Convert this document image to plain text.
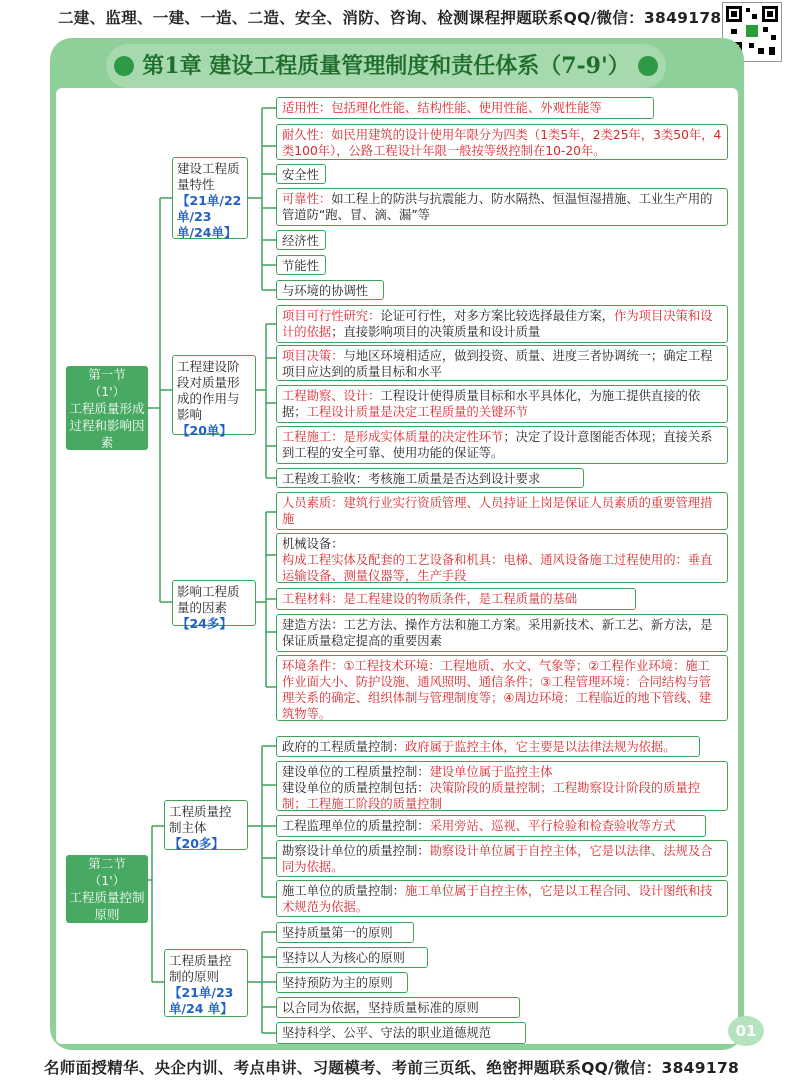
二建、监理、一建、一造、二造、安全、消防、咨询、检测课程押题联系QQ/微信：3849178
第1章 建设工程质量管理制度和责任体系（7-9'）
第一节
（1'）
工程质量形成过程和影响因素
第二节
（1'）
工程质量控制原则
建设工程质量特性
【21单/22单/23 单/24单】
工程建设阶段对质量形成的作用与影响
【20单】
影响工程质量的因素
【24多】
工程质量控制主体
【20多】
工程质量控制的原则
【21单/23单/24 单】
适用性：包括理化性能、结构性能、使用性能、外观性能等
耐久性：如民用建筑的设计使用年限分为四类（1类5年，2类25年，3类50年，4类100年），公路工程设计年限一般按等级控制在10-20年。
安全性
可靠性：如工程上的防洪与抗震能力、防水隔热、恒温恒湿措施、工业生产用的管道防“跑、冒、滴、漏”等
经济性
节能性
与环境的协调性
项目可行性研究：论证可行性，对多方案比较选择最佳方案，作为项目决策和设计的依据；直接影响项目的决策质量和设计质量
项目决策：与地区环境相适应，做到投资、质量、进度三者协调统一；确定工程项目应达到的质量目标和水平
工程勘察、设计：工程设计使得质量目标和水平具体化，为施工提供直接的依据；工程设计质量是决定工程质量的关键环节
工程施工：是形成实体质量的决定性环节；决定了设计意图能否体现；直接关系到工程的安全可靠、使用功能的保证等。
工程竣工验收：考核施工质量是否达到设计要求
人员素质：建筑行业实行资质管理、人员持证上岗是保证人员素质的重要管理措施
机械设备：
构成工程实体及配套的工艺设备和机具：电梯、通风设备施工过程使用的：垂直运输设备、测量仪器等，生产手段
工程材料：是工程建设的物质条件，是工程质量的基础
建造方法：工艺方法、操作方法和施工方案。采用新技术、新工艺、新方法，是保证质量稳定提高的重要因素
环境条件：①工程技术环境：工程地质、水文、气象等；②工程作业环境：施工作业面大小、防护设施、通风照明、通信条件；③工程管理环境：合同结构与管理关系的确定、组织体制与管理制度等；④周边环境：工程临近的地下管线、建筑物等。
政府的工程质量控制：政府属于监控主体，它主要是以法律法规为依据。
建设单位的工程质量控制：建设单位属于监控主体
建设单位的质量控制包括：决策阶段的质量控制；工程勘察设计阶段的质量控制；工程施工阶段的质量控制
工程监理单位的质量控制：采用旁站、巡视、平行检验和检查验收等方式
勘察设计单位的质量控制：勘察设计单位属于自控主体，它是以法律、法规及合同为依据。
施工单位的质量控制：施工单位属于自控主体，它是以工程合同、设计图纸和技术规范为依据。
坚持质量第一的原则
坚持以人为核心的原则
坚持预防为主的原则
以合同为依据，坚持质量标准的原则
坚持科学、公平、守法的职业道德规范	01
名师面授精华、央企内训、考点串讲、习题模考、考前三页纸、绝密押题联系QQ/微信：3849178
